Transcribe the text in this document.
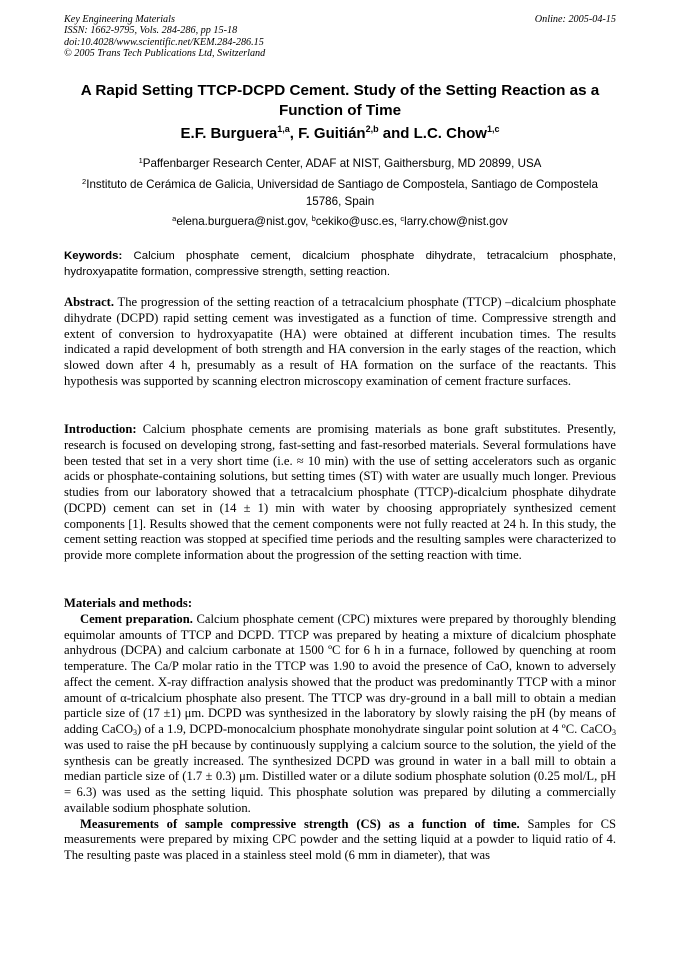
Key Engineering Materials
ISSN: 1662-9795, Vols. 284-286, pp 15-18
doi:10.4028/www.scientific.net/KEM.284-286.15
© 2005 Trans Tech Publications Ltd, Switzerland
Online: 2005-04-15
A Rapid Setting TTCP-DCPD Cement. Study of the Setting Reaction as a Function of Time
E.F. Burguera$^{1,a}$, F. Guitián$^{2,b}$ and L.C. Chow$^{1,c}$
$^1$Paffenbarger Research Center, ADAF at NIST, Gaithersburg, MD 20899, USA
$^2$Instituto de Cerámica de Galicia, Universidad de Santiago de Compostela, Santiago de Compostela 15786, Spain
$^a$elena.burguera@nist.gov, $^b$cekiko@usc.es, $^c$larry.chow@nist.gov
Keywords: Calcium phosphate cement, dicalcium phosphate dihydrate, tetracalcium phosphate, hydroxyapatite formation, compressive strength, setting reaction.
Abstract. The progression of the setting reaction of a tetracalcium phosphate (TTCP) –dicalcium phosphate dihydrate (DCPD) rapid setting cement was investigated as a function of time. Compressive strength and extent of conversion to hydroxyapatite (HA) were obtained at different incubation times. The results indicated a rapid development of both strength and HA conversion in the early stages of the reaction, which slowed down after 4 h, presumably as a result of HA formation on the surface of the reactants. This hypothesis was supported by scanning electron microscopy examination of cement fracture surfaces.
Introduction: Calcium phosphate cements are promising materials as bone graft substitutes. Presently, research is focused on developing strong, fast-setting and fast-resorbed materials. Several formulations have been tested that set in a very short time (i.e. ≈ 10 min) with the use of setting accelerators such as organic acids or phosphate-containing solutions, but setting times (ST) with water are usually much longer. Previous studies from our laboratory showed that a tetracalcium phosphate (TTCP)-dicalcium phosphate dihydrate (DCPD) cement can set in (14 ± 1) min with water by choosing appropriately synthesized cement components [1]. Results showed that the cement components were not fully reacted at 24 h. In this study, the cement setting reaction was stopped at specified time periods and the resulting samples were characterized to provide more complete information about the progression of the setting reaction with time.
Materials and methods:
Cement preparation. Calcium phosphate cement (CPC) mixtures were prepared by thoroughly blending equimolar amounts of TTCP and DCPD. TTCP was prepared by heating a mixture of dicalcium phosphate anhydrous (DCPA) and calcium carbonate at 1500 ºC for 6 h in a furnace, followed by quenching at room temperature. The Ca/P molar ratio in the TTCP was 1.90 to avoid the presence of CaO, known to adversely affect the cement. X-ray diffraction analysis showed that the product was predominantly TTCP with a minor amount of α-tricalcium phosphate also present. The TTCP was dry-ground in a ball mill to obtain a median particle size of (17 ±1) μm. DCPD was synthesized in the laboratory by slowly raising the pH (by means of adding CaCO$_3$) of a 1.9, DCPD-monocalcium phosphate monohydrate singular point solution at 4 ºC. CaCO$_3$ was used to raise the pH because by continuously supplying a calcium source to the solution, the yield of the synthesis can be greatly increased. The synthesized DCPD was ground in water in a ball mill to obtain a median particle size of (1.7 ± 0.3) μm. Distilled water or a dilute sodium phosphate solution (0.25 mol/L, pH = 6.3) was used as the setting liquid. This phosphate solution was prepared by diluting a commercially available sodium phosphate solution.
Measurements of sample compressive strength (CS) as a function of time. Samples for CS measurements were prepared by mixing CPC powder and the setting liquid at a powder to liquid ratio of 4. The resulting paste was placed in a stainless steel mold (6 mm in diameter), that was
